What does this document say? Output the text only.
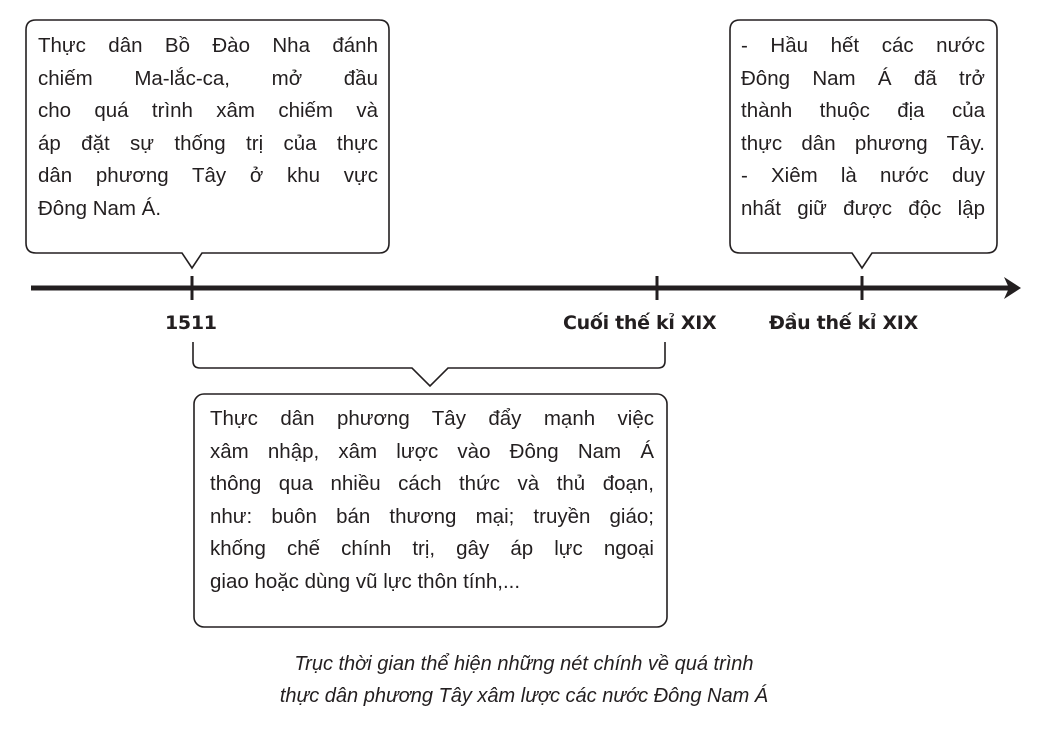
Thực dân Bồ Đào Nha đánh
chiếm Ma-lắc-ca, mở đầu
cho quá trình xâm chiếm và
áp đặt sự thống trị của thực
dân phương Tây ở khu vực
Đông Nam Á.
- Hầu hết các nước
Đông Nam Á đã trở
thành thuộc địa của
thực dân phương Tây.
- Xiêm là nước duy
nhất giữ được độc lập
1511	Cuối thế kỉ XIX	Đầu thế kỉ XIX
Thực dân phương Tây đẩy mạnh việc
xâm nhập, xâm lược vào Đông Nam Á
thông qua nhiều cách thức và thủ đoạn,
như: buôn bán thương mại; truyền giáo;
khống chế chính trị, gây áp lực ngoại
giao hoặc dùng vũ lực thôn tính,...
Trục thời gian thể hiện những nét chính về quá trình
thực dân phương Tây xâm lược các nước Đông Nam Á
